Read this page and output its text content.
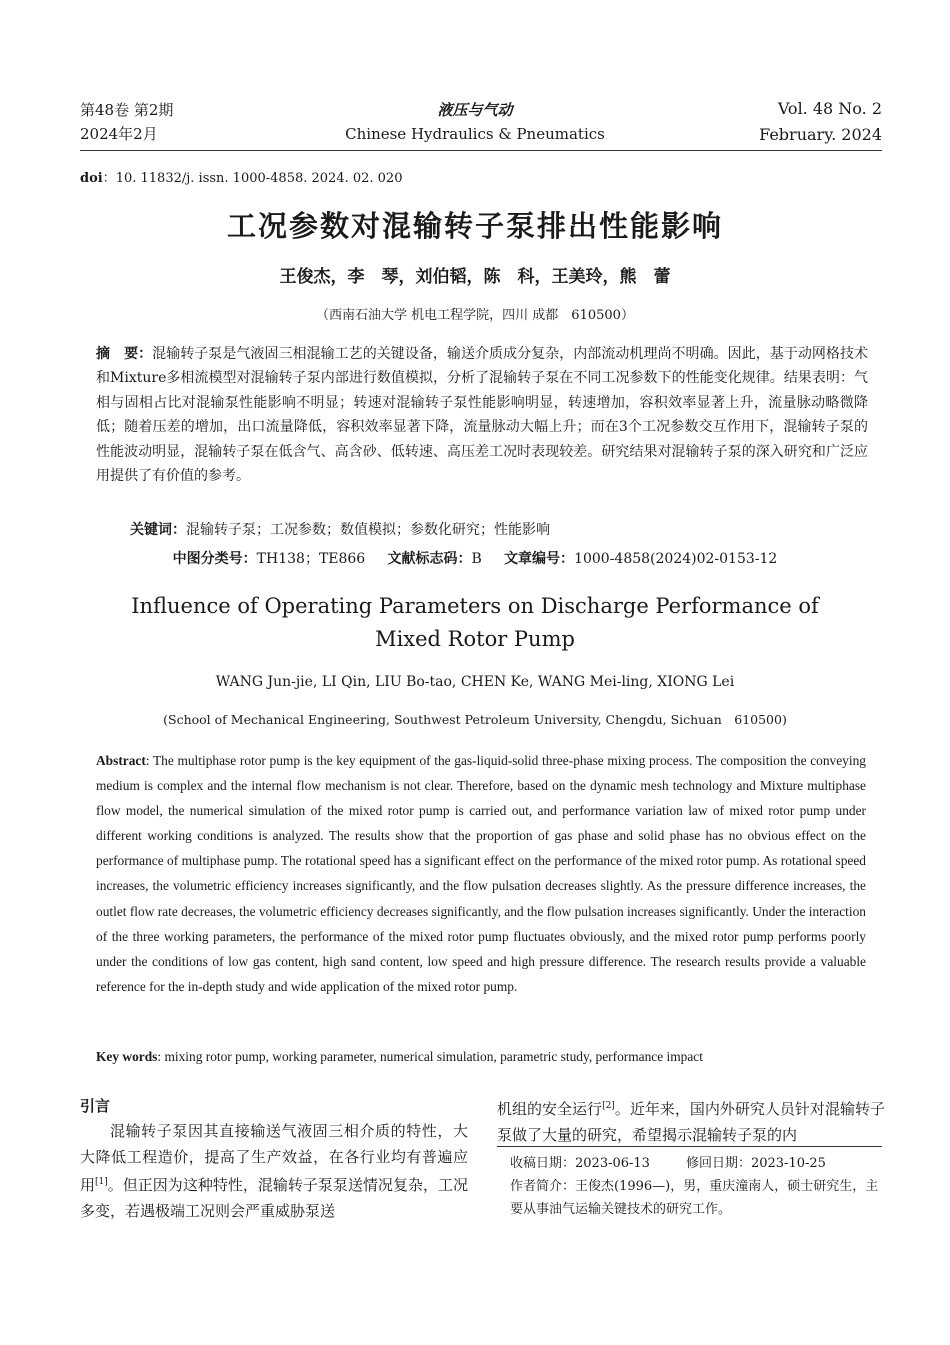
第48卷 第2期
2024年2月
液压与气动
Chinese Hydraulics & Pneumatics
Vol. 48 No. 2
February. 2024
doi：10. 11832/j. issn. 1000-4858. 2024. 02. 020
工况参数对混输转子泵排出性能影响
王俊杰，李　琴，刘伯韬，陈　科，王美玲，熊　蕾
（西南石油大学 机电工程学院，四川 成都　610500）
摘　要：混输转子泵是气液固三相混输工艺的关键设备，输送介质成分复杂，内部流动机理尚不明确。因此，基于动网格技术和Mixture多相流模型对混输转子泵内部进行数值模拟，分析了混输转子泵在不同工况参数下的性能变化规律。结果表明：气相与固相占比对混输泵性能影响不明显；转速对混输转子泵性能影响明显，转速增加，容积效率显著上升，流量脉动略微降低；随着压差的增加，出口流量降低，容积效率显著下降，流量脉动大幅上升；而在3个工况参数交互作用下，混输转子泵的性能波动明显，混输转子泵在低含气、高含砂、低转速、高压差工况时表现较差。研究结果对混输转子泵的深入研究和广泛应用提供了有价值的参考。
关键词：混输转子泵；工况参数；数值模拟；参数化研究；性能影响
中图分类号：TH138；TE866 文献标志码：B 文章编号：1000-4858(2024)02-0153-12
Influence of Operating Parameters on Discharge Performance of Mixed Rotor Pump
WANG Jun-jie, LI Qin, LIU Bo-tao, CHEN Ke, WANG Mei-ling, XIONG Lei
(School of Mechanical Engineering, Southwest Petroleum University, Chengdu, Sichuan　610500)
Abstract: The multiphase rotor pump is the key equipment of the gas-liquid-solid three-phase mixing process. The composition the conveying medium is complex and the internal flow mechanism is not clear. Therefore, based on the dynamic mesh technology and Mixture multiphase flow model, the numerical simulation of the mixed rotor pump is carried out, and performance variation law of mixed rotor pump under different working conditions is analyzed. The results show that the proportion of gas phase and solid phase has no obvious effect on the performance of multiphase pump. The rotational speed has a significant effect on the performance of the mixed rotor pump. As rotational speed increases, the volumetric efficiency increases significantly, and the flow pulsation decreases slightly. As the pressure difference increases, the outlet flow rate decreases, the volumetric efficiency decreases significantly, and the flow pulsation increases significantly. Under the interaction of the three working parameters, the performance of the mixed rotor pump fluctuates obviously, and the mixed rotor pump performs poorly under the conditions of low gas content, high sand content, low speed and high pressure difference. The research results provide a valuable reference for the in-depth study and wide application of the mixed rotor pump.
Key words: mixing rotor pump, working parameter, numerical simulation, parametric study, performance impact
引言

混输转子泵因其直接输送气液固三相介质的特性，大大降低工程造价，提高了生产效益，在各行业均有普遍应用[1]。但正因为这种特性，混输转子泵泵送情况复杂，工况多变，若遇极端工况则会严重威胁泵送

机组的安全运行[2]。近年来，国内外研究人员针对混输转子泵做了大量的研究，希望揭示混输转子泵的内

收稿日期：2023-06-13	修回日期：2023-10-25

作者简介：王俊杰(1996—)，男，重庆潼南人，硕士研究生，主要从事油气运输关键技术的研究工作。
